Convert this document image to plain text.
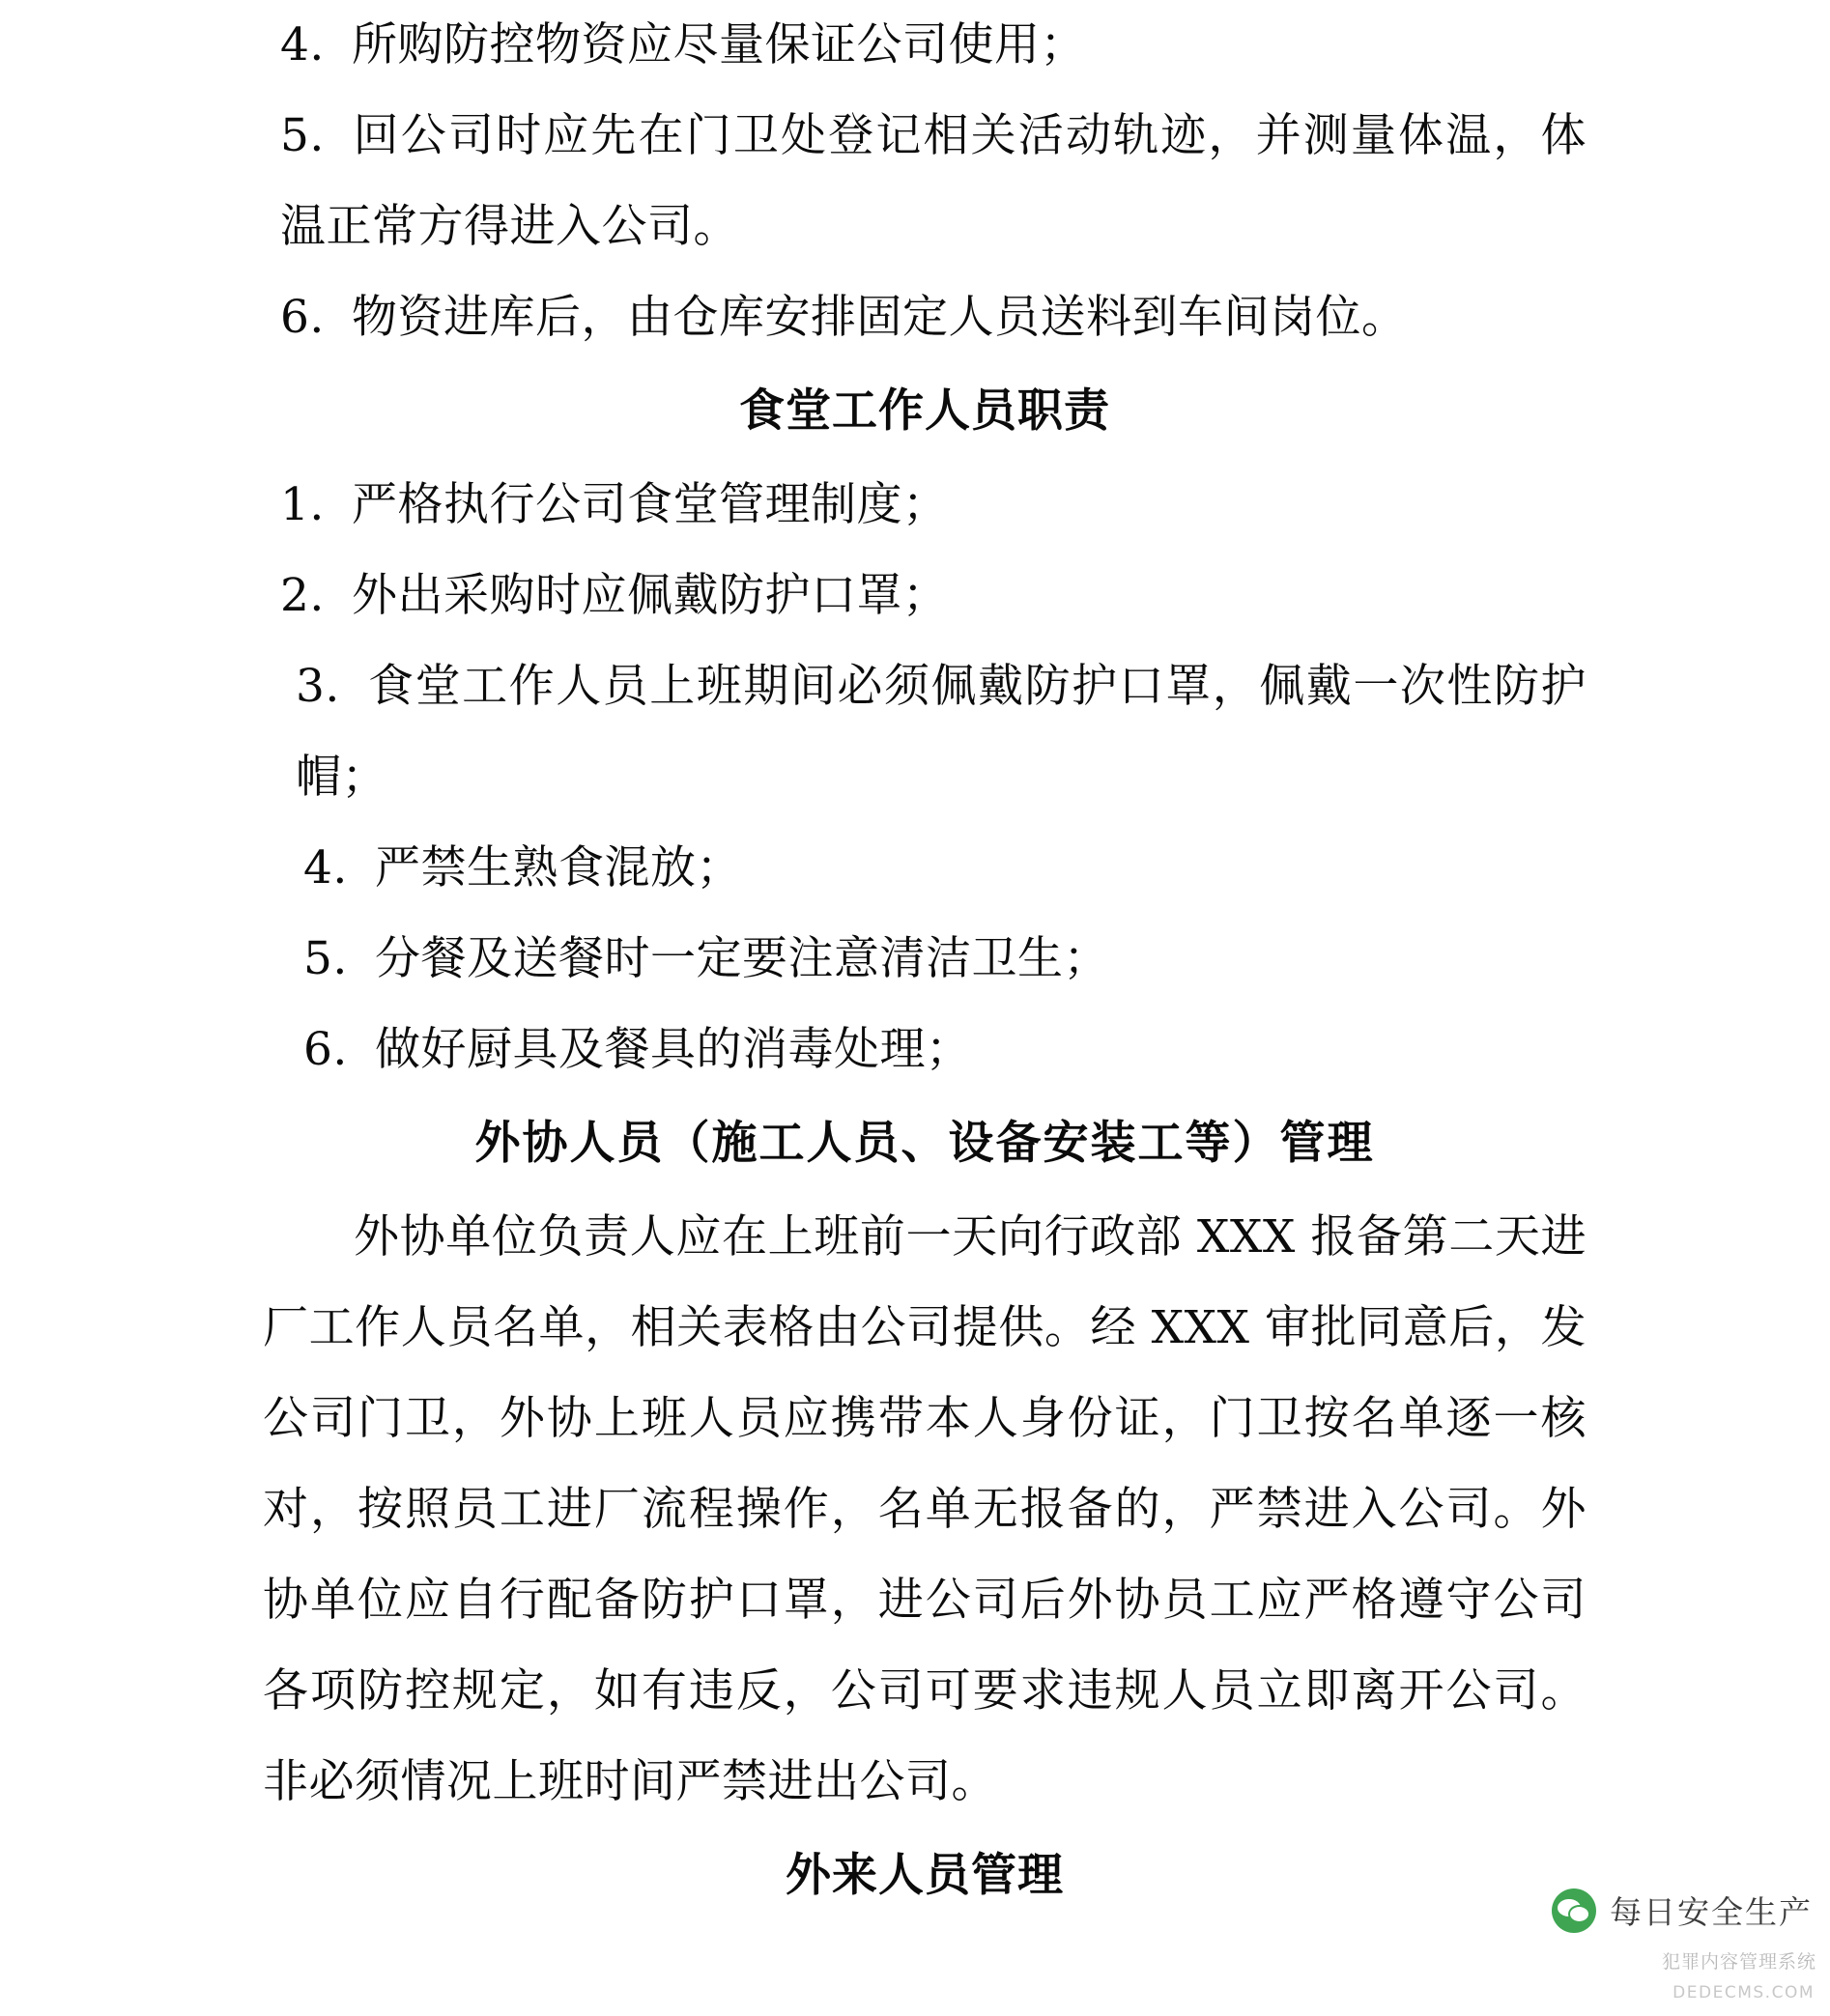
4. 所购防控物资应尽量保证公司使用；

5. 回公司时应先在门卫处登记相关活动轨迹，并测量体温，体温正常方得进入公司。

6. 物资进库后，由仓库安排固定人员送料到车间岗位。

食堂工作人员职责

1. 严格执行公司食堂管理制度；

2. 外出采购时应佩戴防护口罩；

3. 食堂工作人员上班期间必须佩戴防护口罩，佩戴一次性防护帽；

4. 严禁生熟食混放；

5. 分餐及送餐时一定要注意清洁卫生；

6. 做好厨具及餐具的消毒处理；

外协人员（施工人员、设备安装工等）管理

外协单位负责人应在上班前一天向行政部 XXX 报备第二天进厂工作人员名单，相关表格由公司提供。经 XXX 审批同意后，发公司门卫，外协上班人员应携带本人身份证，门卫按名单逐一核对，按照员工进厂流程操作，名单无报备的，严禁进入公司。外协单位应自行配备防护口罩，进公司后外协员工应严格遵守公司各项防控规定，如有违反，公司可要求违规人员立即离开公司。非必须情况上班时间严禁进出公司。

外来人员管理
每日安全生产
犯罪内容管理系统
DEDECMS.COM
